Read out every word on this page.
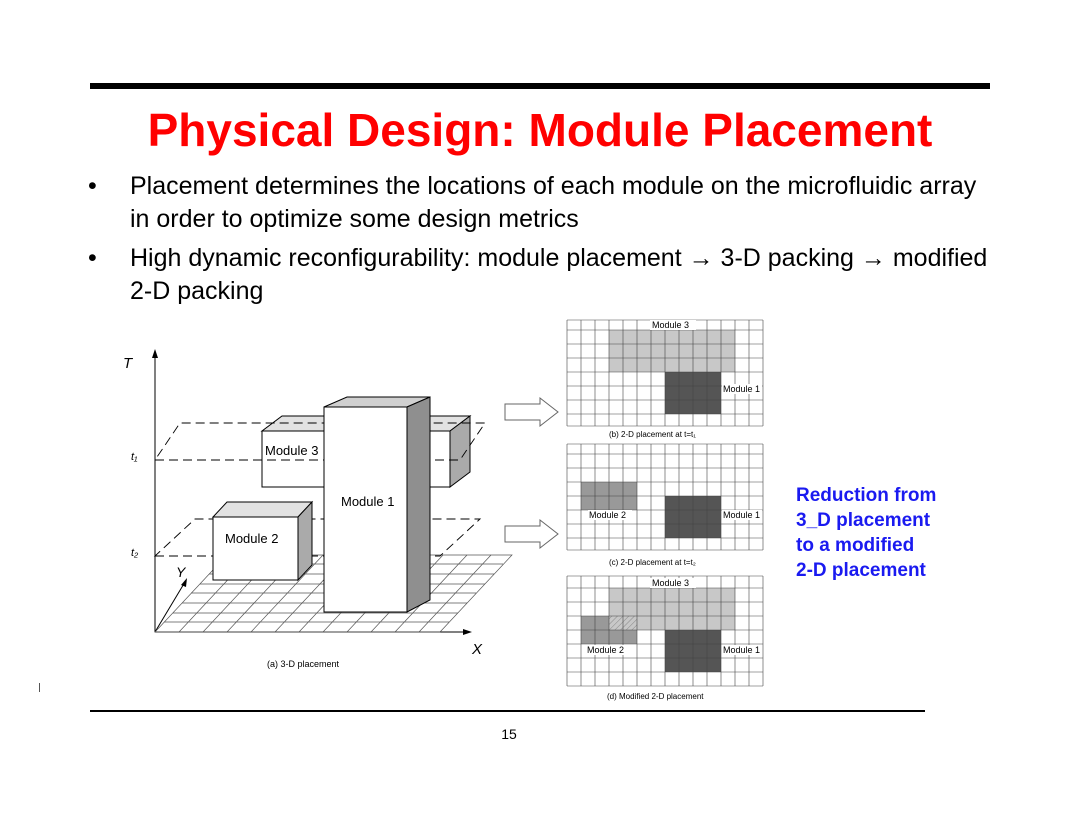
Physical Design: Module Placement
• Placement determines the locations of each module on the microfluidic array in order to optimize some design metrics
• High dynamic reconfigurability: module placement → 3-D packing → modified 2-D packing
T
X
Y
t₁
t₂
Module 3
Module 2
Module 1
(a) 3-D placement
Module 3
Module 1
(b) 2-D placement at t=t₁
Module 2	Module 1
(c) 2-D placement at t=t₂
Module 3
Module 2	Module 1
(d) Modified 2-D placement
Reduction from
3_D placement
to a modified
2-D placement
15
